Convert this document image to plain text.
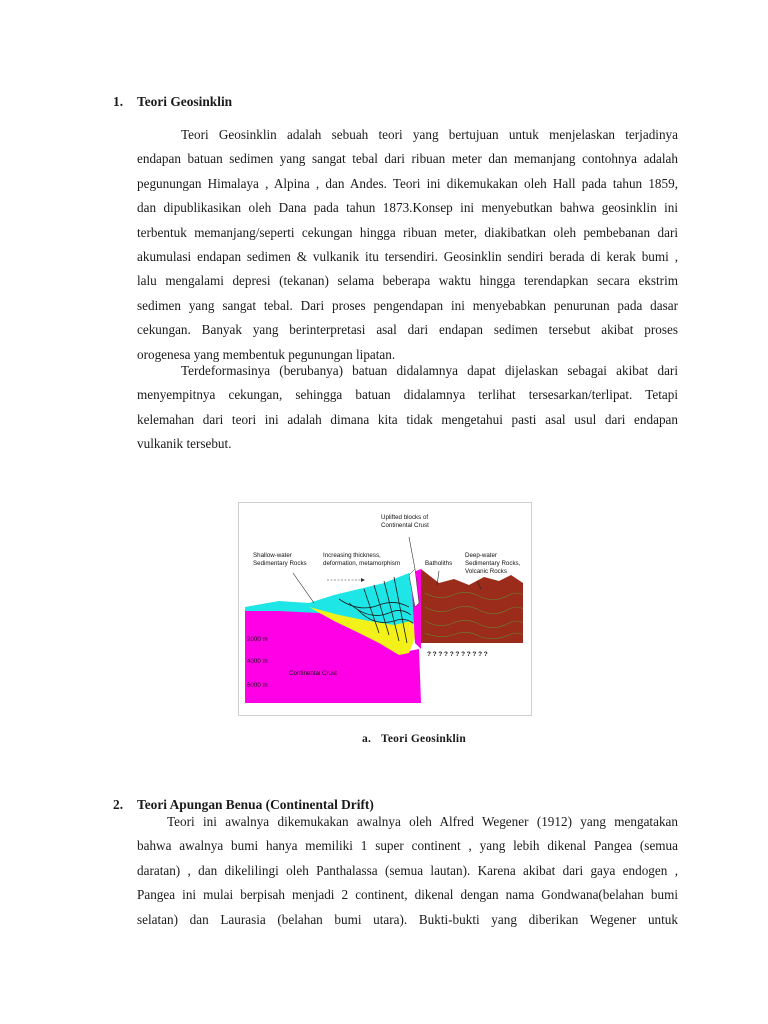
1. Teori Geosinklin
Teori Geosinklin adalah sebuah teori yang bertujuan untuk menjelaskan terjadinya
endapan batuan sedimen yang sangat tebal dari ribuan meter dan memanjang contohnya adalah
pegunungan Himalaya , Alpina , dan Andes. Teori ini dikemukakan oleh Hall pada tahun 1859,
dan dipublikasikan oleh Dana pada tahun 1873.Konsep ini menyebutkan bahwa geosinklin ini
terbentuk memanjang/seperti cekungan hingga ribuan meter, diakibatkan oleh pembebanan dari
akumulasi endapan sedimen & vulkanik itu tersendiri. Geosinklin sendiri berada di kerak bumi ,
lalu mengalami depresi (tekanan) selama beberapa waktu hingga terendapkan secara ekstrim
sedimen yang sangat tebal. Dari proses pengendapan ini menyebabkan penurunan pada dasar
cekungan. Banyak yang berinterpretasi asal dari endapan sedimen tersebut akibat proses
orogenesa yang membentuk pegunungan lipatan.
Terdeformasinya (berubanya) batuan didalamnya dapat dijelaskan sebagai akibat dari
menyempitnya cekungan, sehingga batuan didalamnya terlihat tersesarkan/terlipat. Tetapi
kelemahan dari teori ini adalah dimana kita tidak mengetahui pasti asal usul dari endapan
vulkanik tersebut.
Uplifted blocks of
Continental Crust
Shallow-water
Sedimentary Rocks
Increasing thickness,
deformation, metamorphism	Batholiths
Deep-water
Sedimentary Rocks,
Volcanic Rocks
2000 m
4000 m
6000 m
Continental Crust
? ? ? ? ? ? ? ? ? ? ?
a. Teori Geosinklin
2. Teori Apungan Benua (Continental Drift)
Teori ini awalnya dikemukakan awalnya oleh Alfred Wegener (1912) yang mengatakan
bahwa awalnya bumi hanya memiliki 1 super continent , yang lebih dikenal Pangea (semua
daratan) , dan dikelilingi oleh Panthalassa (semua lautan). Karena akibat dari gaya endogen ,
Pangea ini mulai berpisah menjadi 2 continent, dikenal dengan nama Gondwana(belahan bumi
selatan) dan Laurasia (belahan bumi utara). Bukti-bukti yang diberikan Wegener untuk
